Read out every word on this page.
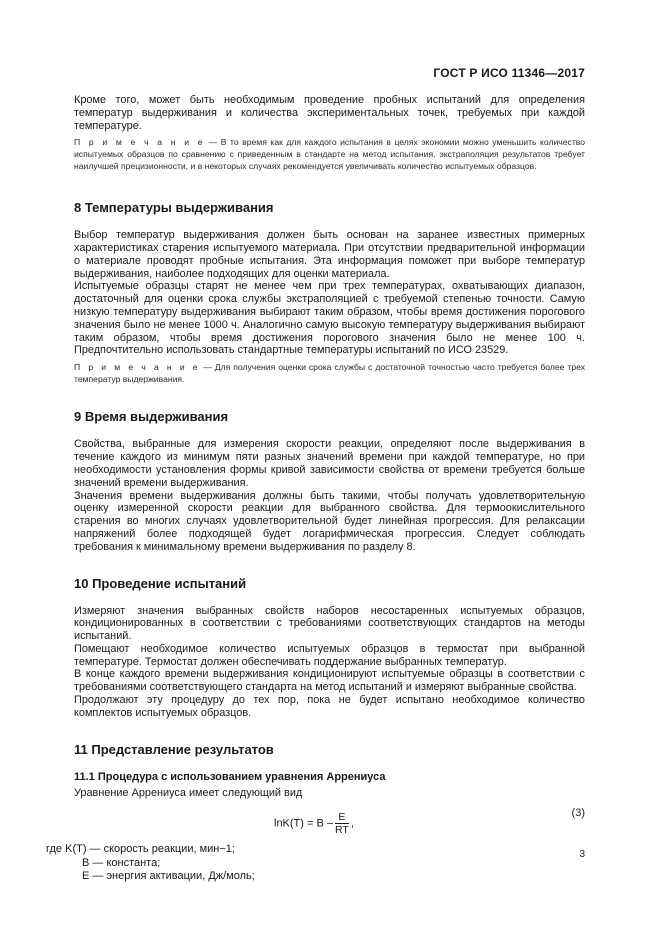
ГОСТ Р ИСО 11346—2017

Кроме того, может быть необходимым проведение пробных испытаний для определения температур выдерживания и количества экспериментальных точек, требуемых при каждой температуре.

П р и м е ч а н и е — В то время как для каждого испытания в целях экономии можно уменьшить количество испытуемых образцов по сравнению с приведенным в стандарте на метод испытания, экстраполяция результатов требует наилучшей прецизионности, и в некоторых случаях рекомендуется увеличивать количество испытуемых образцов.

8 Температуры выдерживания

Выбор температур выдерживания должен быть основан на заранее известных примерных характеристиках старения испытуемого материала. При отсутствии предварительной информации о материале проводят пробные испытания. Эта информация поможет при выборе температур выдерживания, наиболее подходящих для оценки материала.

Испытуемые образцы старят не менее чем при трех температурах, охватывающих диапазон, достаточный для оценки срока службы экстраполяцией с требуемой степенью точности. Самую низкую температуру выдерживания выбирают таким образом, чтобы время достижения порогового значения было не менее 1000 ч. Аналогично самую высокую температуру выдерживания выбирают таким образом, чтобы время достижения порогового значения было не менее 100 ч. Предпочтительно использовать стандартные температуры испытаний по ИСО 23529.

П р и м е ч а н и е — Для получения оценки срока службы с достаточной точностью часто требуется более трех температур выдерживания.

9 Время выдерживания

Свойства, выбранные для измерения скорости реакции, определяют после выдерживания в течение каждого из минимум пяти разных значений времени при каждой температуре, но при необходимости установления формы кривой зависимости свойства от времени требуется больше значений времени выдерживания.

Значения времени выдерживания должны быть такими, чтобы получать удовлетворительную оценку измеренной скорости реакции для выбранного свойства. Для термоокислительного старения во многих случаях удовлетворительной будет линейная прогрессия. Для релаксации напряжений более подходящей будет логарифмическая прогрессия. Следует соблюдать требования к минимальному времени выдерживания по разделу 8.

10 Проведение испытаний

Измеряют значения выбранных свойств наборов несостаренных испытуемых образцов, кондиционированных в соответствии с требованиями соответствующих стандартов на методы испытаний.

Помещают необходимое количество испытуемых образцов в термостат при выбранной температуре. Термостат должен обеспечивать поддержание выбранных температур.

В конце каждого времени выдерживания кондиционируют испытуемые образцы в соответствии с требованиями соответствующего стандарта на метод испытаний и измеряют выбранные свойства.

Продолжают эту процедуру до тех пор, пока не будет испытано необходимое количество комплектов испытуемых образцов.

11 Представление результатов
11.1 Процедура с использованием уравнения Аррениуса

Уравнение Аррениуса имеет следующий вид

$\ln K(T) = B - \frac{E}{RT}$ ,
(3)
где K(T) — скорость реакции, мин−1;
B — константа;
E — энергия активации, Дж/моль;
3
